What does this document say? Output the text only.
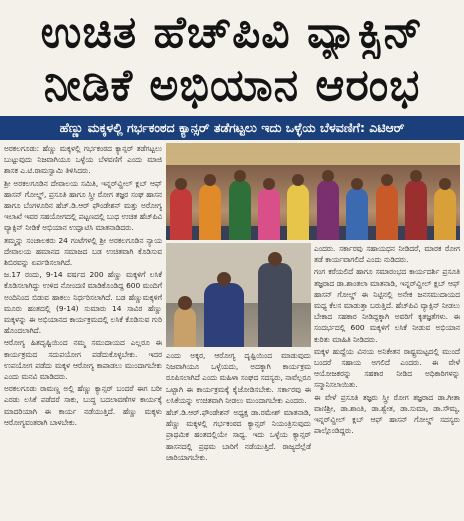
ಉಚಿತ ಹೆಚ್‌ಪಿವಿ ವ್ಯಾಕ್ಸಿನ್
ನೀಡಿಕೆ ಅಭಿಯಾನ ಆರಂಭ
ಹೆಣ್ಣು ಮಕ್ಕಳಲ್ಲಿ ಗರ್ಭಕಂಠದ ಕ್ಯಾನ್ಸರ್ ತಡೆಗಟ್ಟಲು ಇದು ಒಳ್ಳೆಯ ಬೆಳವಣಿಗೆ: ಎಟಿಆರ್

ಅರಕಲಗೂಡು: ಹೆಣ್ಣು ಮಕ್ಕಳಲ್ಲಿ ಗರ್ಭಕಂಠದ ಕ್ಯಾನ್ಸರ್ ತಡೆಗಟ್ಟಲು ಬುಟ್ಟುವುದು ನಿಜವಾಗಿಯೂ ಒಳ್ಳೆಯ ಬೆಳವಣಿಗೆ ಎಂದು ಮಾಜಿ ಶಾಸಕ ಎ.ಟಿ.ರಾಮಸ್ವಾಮಿ ತಿಳಿಸಿದರು.

ಶ್ರೀ ಅರಕಲಗೂಡಿನ ದೇವಾಲಯ ಸಮಿತಿ, ಇನ್ನರ್‌ವ್ಹೀಲ್ ಕ್ಲಬ್ ಆಫ್ ಹಾಸನ್ ಗೋಲ್ಡ್, ಪ್ರಸೂತಿ ಹಾಗೂ ಸ್ತ್ರೀ ರೋಗ ತಜ್ಞರ ಸಂಘ ಹಾಸನ ಹಾಗೂ ಬೆಂಗಳೂರಿನ ಹೆಚ್.ಡಿ.ಆರ್ ಫೌಂಡೇಶನ್ ಮತ್ತು ಅರೋಗ್ಯ ಇಲಾಖೆ ಇವರ ಸಹಯೋಗದಲ್ಲಿ ಪಟ್ಟಣದಲ್ಲಿ ಬುಧ ಉಚಿತ ಹೆಚ್‌ಪಿವಿ ವ್ಯಾಕ್ಸಿನ್ ನೀಡಿಕೆ ಅಭಿಯಾನ ಉದ್ಘಾಟಿಸಿ ಮಾತನಾಡಿದರು.

ತಮ್ಮನ್ನು ಸಂಚಾಲಕರು 24 ಗಂಟೆಗಳಲ್ಲಿ ಶ್ರೀ ಅರಕಲಗೂಡಿನ ನ್ಯಾಯ ದೇವಾಲಯ ಹಮಾನದ ಸಮಾಜದ ಬಡ ಉಚಿತವಾಗಿ ಕೊಡಿಸುವ ಶಿಬಿರವನ್ನು ಏರ್ಪಡಿಸಲಾಗಿದೆ.

ಜ.17 ರಂದು, 9-14 ವರ್ಷದ 200 ಹೆಣ್ಣು ಮಕ್ಕಳಿಗೆ ಲಸಿಕೆ ಕೊಡಿಸಲಾಗಿದ್ದು ಉಳಿದ ನೋಂದಣಿ ಮಾಡಿಕೊಂಡಿದ್ದ 600 ಮಂದಿಗೆ ಅಂದಿನಿಂದ ಬಿಡುವ ಹಾಕಲು ನಿರ್ಧರಿಸಲಾಗಿದೆ. ಬಡ ಹೆಣ್ಣುಮಕ್ಕಳಿಗೆ ಮೂರು ಹಂತದಲ್ಲಿ (9-14) ಸುಮಾರು 14 ಸಾವಿರ ಹೆಣ್ಣು ಮಕ್ಕಳನ್ನು ಈ ಅಭಿಯಾನದ ಕಾರ್ಯಕ್ರಮದಲ್ಲಿ ಲಸಿಕೆ ಕೊಡಿಸುವ ಗುರಿ ಹೊಂದಲಾಗಿದೆ.

ಆರೋಗ್ಯ ಹಿತದೃಷ್ಟಿಯಿಂದ ನಮ್ಮ ಸಮುದಾಯದ ಎಲ್ಲರೂ ಈ ಕಾರ್ಯಕ್ರಮದ ಸದುಪಯೋಗ ಪಡೆದುಕೊಳ್ಳಬೇಕು. ಇದರ ಉಪಯೋಗ ಪಡೆದು ಮಕ್ಕಳ ಆರೋಗ್ಯ ಕಾಪಾಡಲು ಮುಂದಾಗಬೇಕು ಎಂದು ಮನವಿ ಮಾಡಿದರು.

ಅರಕಲಗೂಡು ರಾಮಣ್ಣ ಅಲ್ಲಿ ಹೆಣ್ಣು ಕ್ಯಾನ್ಸರ್ ಬಂದರೆ ಈಗ ಬರೀ ಎರಡು ಲಸಿಕೆ ಪಡೆದರೆ ಸಾಕು, ಬುದ್ಧ ಬದಲಾವಣೆಗಳ ಕಾರ್ಯಕ್ಕೆ ಮಾದರಿಯಾಗಿ ಈ ಕಾರ್ಯ ನಡೆಯುತ್ತಿದೆ. ಹೆಣ್ಣು ಮಕ್ಕಳು ಆರೋಗ್ಯವಂತರಾಗಿ ಬಾಳಬೇಕು.

ಎಂದು ಅಕ್ಕರ, ಆರೋಗ್ಯ ದೃಷ್ಟಿಯಿಂದ ಮಾಡುವುದು ನಿಜವಾಗಿಯೂ ಒಳ್ಳೆಯದು, ಅದಕ್ಕಾಗಿ ಕಾರ್ಯಕ್ರಮ ರೂಪಿಸಲಾಗಿದೆ ಎಂದು ಮಹಿಳಾ ಸಂಘದ ಸದಸ್ಯರು, ನಾವೆಲ್ಲರೂ ಒಟ್ಟಾಗಿ ಈ ಕಾರ್ಯಕ್ರಮಕ್ಕೆ ಕೈಜೋಡಿಸಬೇಕು. ಸರ್ಕಾರವು ಈ ಲಸಿಕೆಯನ್ನು ಉಚಿತವಾಗಿ ನೀಡಲು ಮುಂದಾಗಬೇಕು ಎಂದರು.

ಹೆಚ್.ಡಿ.ಆರ್.ಫೌಂಡೇಶನ್ ಅಧ್ಯಕ್ಷ ಡಾ.ರಮೇಶ್ ಮಾತನಾಡಿ, ಹೆಣ್ಣು ಮಕ್ಕಳಲ್ಲಿ ಗರ್ಭಕಂಠದ ಕ್ಯಾನ್ಸರ್ ನಿಯಂತ್ರಿಸುವುದು ಪ್ರಾಥಮಿಕ ಹಂತದಲ್ಲಿಯೇ ಸಾಧ್ಯ. ಇದು ಒಳ್ಳೆಯ ಕ್ಯಾನ್ಸರ್ ಹಾಸನದಲ್ಲಿ ಪ್ರಥಮ ಬಾರಿಗೆ ನಡೆಯುತ್ತಿದೆ. ರಾಜ್ಯದೆಲ್ಲೆಡೆ ಜಾರಿಯಾಗಬೇಕು.

ಎಂದರು. ಸರ್ಕಾರವು ಸಹಾಯಧನ ನೀಡಿದರೆ, ಮಾರಕ ರೋಗ ತಡೆ ಕಾರ್ಯವಾಗಲಿದೆ ಎಂದು ನುಡಿದರು.

ಗಂಗ ಕರೆಯಲಿದೆ ಹಾಗೂ ಸಮಾರಂಭದ ಕಾರ್ಯದರ್ಶಿ ಪ್ರಸೂತಿ ತಜ್ಞರಾದ ಡಾ.ಶಾಂತಲಾ ಮಾತನಾಡಿ, ಇನ್ನರ್‌ವ್ಹೀಲ್ ಕ್ಲಬ್ ಆಫ್ ಹಾಸನ್ ಗೋಲ್ಡ್ ಈ ನಿಟ್ಟಿನಲ್ಲಿ ಅನೇಕ ಜನಸಮುದಾಯದ ಮಧ್ಯ ಕೆಲಸ ಮಾಡುತ್ತಾ ಬರುತ್ತಿದೆ. ಹೆಚ್‌ಪಿವಿ ವ್ಯಾಕ್ಸಿನ್ ನೀಡಲು ಬೇಕಾದ ಸಹಕಾರ ನೀಡಿದ್ದಕ್ಕಾಗಿ ಅವರಿಗೆ ಕೃತಜ್ಞತೆಗಳು. ಈ ಸಂದರ್ಭದಲ್ಲಿ 600 ಮಕ್ಕಳಿಗೆ ಲಸಿಕೆ ನೀಡುವ ಅಭಿಯಾನ ಕುರಿತು ಮಾಹಿತಿ ನೀಡಿದರು.

ಮಕ್ಕಳ ಹುದ್ದೆಯ ವಿನಯ ಅನಿಕೇತನ ರಾಷ್ಟ್ರಮಟ್ಟದಲ್ಲಿ ಮುಂದೆ ಬಂದರೆ ಸಹಾಯ ಅಗಲಿದೆ ಎಂದರು. ಈ ವೇಳೆ ಆಯೋಜಕರನ್ನು ಸಹಕಾರ ನೀಡಿದ ಅಧಿಕಾರಿಗಳನ್ನು ಸನ್ಮಾನಿಸಲಾಯಿತು.

ಈ ವೇಳೆ ಪ್ರಸೂತಿ ತಜ್ಞರು ಸ್ತ್ರೀ ರೋಗ ತಜ್ಞರಾದ ಡಾ.ಗೀತಾ ವಾಣಿಶ್ರೀ, ಡಾ.ಶಾಂತಿ, ಡಾ.ಶ್ವೇತ, ಡಾ.ಸುಮಾ, ಡಾ.ಸೌಮ್ಯ, ಇನ್ನರ್‌ವ್ಹೀಲ್ ಕ್ಲಬ್ ಆಫ್ ಹಾಸನ್ ಗೋಲ್ಡ್ ಸದಸ್ಯರು ಪಾಲ್ಗೊಂಡಿದ್ದರು.
